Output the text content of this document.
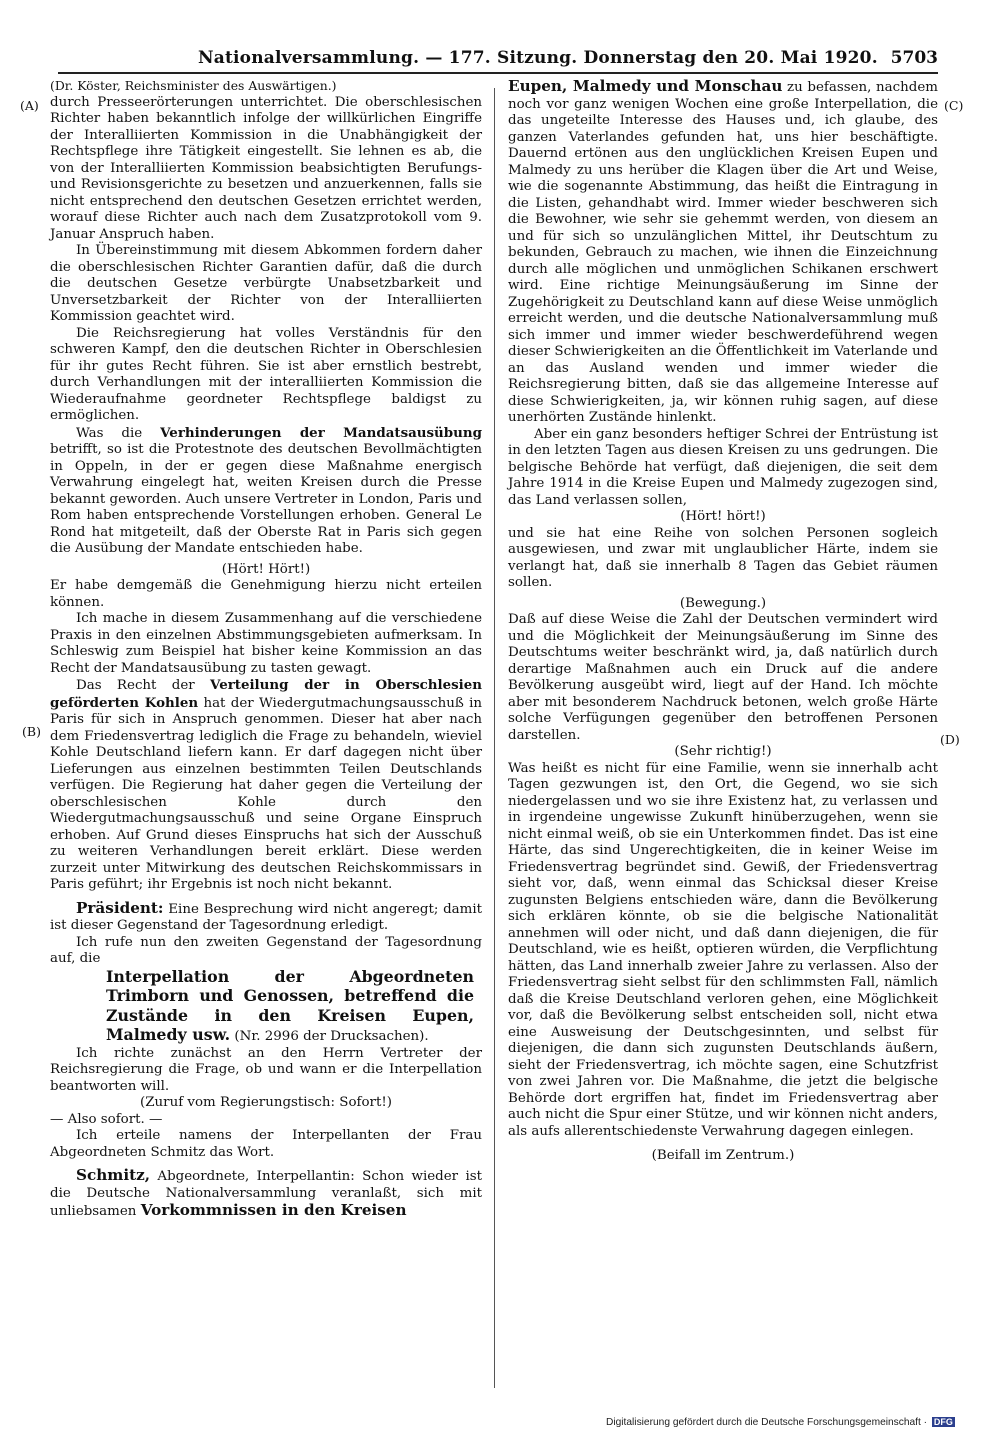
Nationalversammlung. — 177. Sitzung. Donnerstag den 20. Mai 1920. 5703
(A)
(B)
(C)
(D)

(Dr. Köster, Reichsminister des Auswärtigen.)

durch Presseerörterungen unterrichtet. Die oberschlesischen Richter haben bekanntlich infolge der willkürlichen Eingriffe der Interalliierten Kommission in die Unabhängigkeit der Rechtspflege ihre Tätigkeit eingestellt. Sie lehnen es ab, die von der Interalliierten Kommission beabsichtigten Berufungs- und Revisionsgerichte zu besetzen und anzuerkennen, falls sie nicht entsprechend den deutschen Gesetzen errichtet werden, worauf diese Richter auch nach dem Zusatzprotokoll vom 9. Januar Anspruch haben.

In Übereinstimmung mit diesem Abkommen fordern daher die oberschlesischen Richter Garantien dafür, daß die durch die deutschen Gesetze verbürgte Unabsetzbarkeit und Unversetzbarkeit der Richter von der Interalliierten Kommission geachtet wird.

Die Reichsregierung hat volles Verständnis für den schweren Kampf, den die deutschen Richter in Oberschlesien für ihr gutes Recht führen. Sie ist aber ernstlich bestrebt, durch Verhandlungen mit der interalliierten Kommission die Wiederaufnahme geordneter Rechtspflege baldigst zu ermöglichen.

Was die Verhinderungen der Mandatsausübung betrifft, so ist die Protestnote des deutschen Bevollmächtigten in Oppeln, in der er gegen diese Maßnahme energisch Verwahrung eingelegt hat, weiten Kreisen durch die Presse bekannt geworden. Auch unsere Vertreter in London, Paris und Rom haben entsprechende Vorstellungen erhoben. General Le Rond hat mitgeteilt, daß der Oberste Rat in Paris sich gegen die Ausübung der Mandate entschieden habe.

(Hört! Hört!)

Er habe demgemäß die Genehmigung hierzu nicht erteilen können.

Ich mache in diesem Zusammenhang auf die verschiedene Praxis in den einzelnen Abstimmungsgebieten aufmerksam. In Schleswig zum Beispiel hat bisher keine Kommission an das Recht der Mandatsausübung zu tasten gewagt.

Das Recht der Verteilung der in Oberschlesien geförderten Kohlen hat der Wiedergutmachungsausschuß in Paris für sich in Anspruch genommen. Dieser hat aber nach dem Friedensvertrag lediglich die Frage zu behandeln, wieviel Kohle Deutschland liefern kann. Er darf dagegen nicht über Lieferungen aus einzelnen bestimmten Teilen Deutschlands verfügen. Die Regierung hat daher gegen die Verteilung der oberschlesischen Kohle durch den Wiedergutmachungsausschuß und seine Organe Einspruch erhoben. Auf Grund dieses Einspruchs hat sich der Ausschuß zu weiteren Verhandlungen bereit erklärt. Diese werden zurzeit unter Mitwirkung des deutschen Reichskommissars in Paris geführt; ihr Ergebnis ist noch nicht bekannt.

Präsident: Eine Besprechung wird nicht angeregt; damit ist dieser Gegenstand der Tagesordnung erledigt.

Ich rufe nun den zweiten Gegenstand der Tagesordnung auf, die

Interpellation der Abgeordneten Trimborn und Genossen, betreffend die Zustände in den Kreisen Eupen, Malmedy usw. (Nr. 2996 der Drucksachen).

Ich richte zunächst an den Herrn Vertreter der Reichsregierung die Frage, ob und wann er die Interpellation beantworten will.

(Zuruf vom Regierungstisch: Sofort!)

— Also sofort. —

Ich erteile namens der Interpellanten der Frau Abgeordneten Schmitz das Wort.

Schmitz, Abgeordnete, Interpellantin: Schon wieder ist die Deutsche Nationalversammlung veranlaßt, sich mit unliebsamen Vorkommnissen in den Kreisen

Eupen, Malmedy und Monschau zu befassen, nachdem noch vor ganz wenigen Wochen eine große Interpellation, die das ungeteilte Interesse des Hauses und, ich glaube, des ganzen Vaterlandes gefunden hat, uns hier beschäftigte. Dauernd ertönen aus den unglücklichen Kreisen Eupen und Malmedy zu uns herüber die Klagen über die Art und Weise, wie die sogenannte Abstimmung, das heißt die Eintragung in die Listen, gehandhabt wird. Immer wieder beschweren sich die Bewohner, wie sehr sie gehemmt werden, von diesem an und für sich so unzulänglichen Mittel, ihr Deutschtum zu bekunden, Gebrauch zu machen, wie ihnen die Einzeichnung durch alle möglichen und unmöglichen Schikanen erschwert wird. Eine richtige Meinungsäußerung im Sinne der Zugehörigkeit zu Deutschland kann auf diese Weise unmöglich erreicht werden, und die deutsche Nationalversammlung muß sich immer und immer wieder beschwerdeführend wegen dieser Schwierigkeiten an die Öffentlichkeit im Vaterlande und an das Ausland wenden und immer wieder die Reichsregierung bitten, daß sie das allgemeine Interesse auf diese Schwierigkeiten, ja, wir können ruhig sagen, auf diese unerhörten Zustände hinlenkt.

Aber ein ganz besonders heftiger Schrei der Entrüstung ist in den letzten Tagen aus diesen Kreisen zu uns gedrungen. Die belgische Behörde hat verfügt, daß diejenigen, die seit dem Jahre 1914 in die Kreise Eupen und Malmedy zugezogen sind, das Land verlassen sollen,

(Hört! hört!)

und sie hat eine Reihe von solchen Personen sogleich ausgewiesen, und zwar mit unglaublicher Härte, indem sie verlangt hat, daß sie innerhalb 8 Tagen das Gebiet räumen sollen.

(Bewegung.)

Daß auf diese Weise die Zahl der Deutschen vermindert wird und die Möglichkeit der Meinungsäußerung im Sinne des Deutschtums weiter beschränkt wird, ja, daß natürlich durch derartige Maßnahmen auch ein Druck auf die andere Bevölkerung ausgeübt wird, liegt auf der Hand. Ich möchte aber mit besonderem Nachdruck betonen, welch große Härte solche Verfügungen gegenüber den betroffenen Personen darstellen.

(Sehr richtig!)

Was heißt es nicht für eine Familie, wenn sie innerhalb acht Tagen gezwungen ist, den Ort, die Gegend, wo sie sich niedergelassen und wo sie ihre Existenz hat, zu verlassen und in irgendeine ungewisse Zukunft hinüberzugehen, wenn sie nicht einmal weiß, ob sie ein Unterkommen findet. Das ist eine Härte, das sind Ungerechtigkeiten, die in keiner Weise im Friedensvertrag begründet sind. Gewiß, der Friedensvertrag sieht vor, daß, wenn einmal das Schicksal dieser Kreise zugunsten Belgiens entschieden wäre, dann die Bevölkerung sich erklären könnte, ob sie die belgische Nationalität annehmen will oder nicht, und daß dann diejenigen, die für Deutschland, wie es heißt, optieren würden, die Verpflichtung hätten, das Land innerhalb zweier Jahre zu verlassen. Also der Friedensvertrag sieht selbst für den schlimmsten Fall, nämlich daß die Kreise Deutschland verloren gehen, eine Möglichkeit vor, daß die Bevölkerung selbst entscheiden soll, nicht etwa eine Ausweisung der Deutschgesinnten, und selbst für diejenigen, die dann sich zugunsten Deutschlands äußern, sieht der Friedensvertrag, ich möchte sagen, eine Schutzfrist von zwei Jahren vor. Die Maßnahme, die jetzt die belgische Behörde dort ergriffen hat, findet im Friedensvertrag aber auch nicht die Spur einer Stütze, und wir können nicht anders, als aufs allerentschiedenste Verwahrung dagegen einlegen.

(Beifall im Zentrum.)

Digitalisierung gefördert durch die Deutsche Forschungsgemeinschaft · DFG
